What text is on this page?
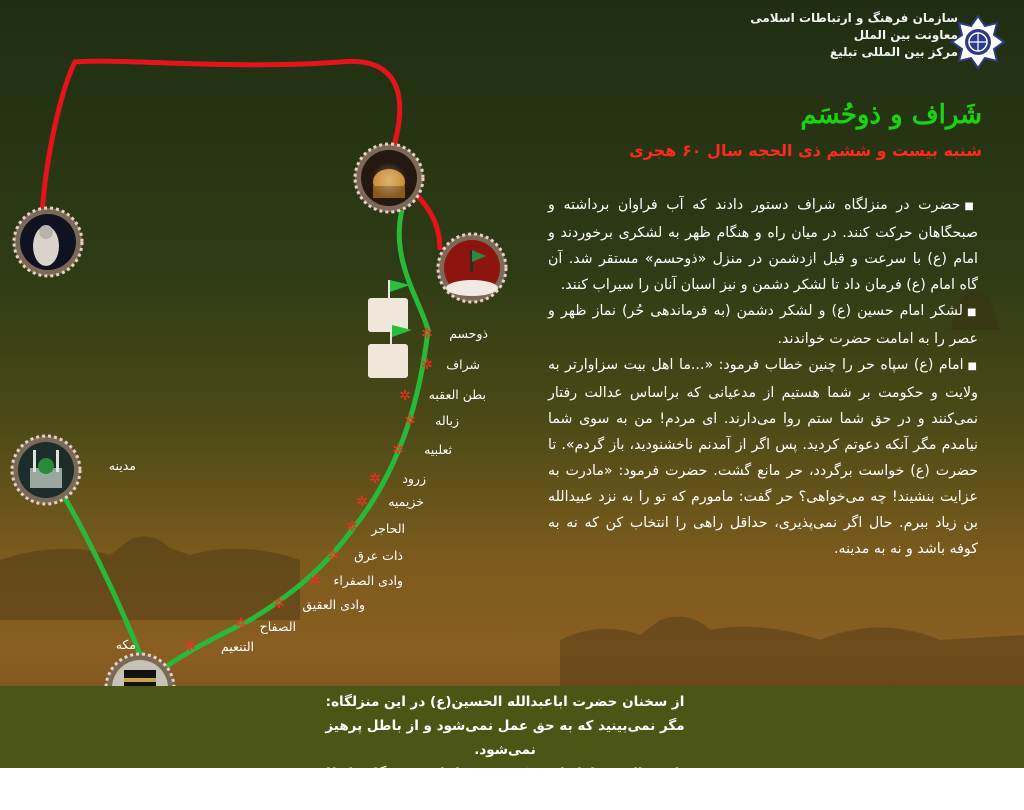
سازمان فرهنگ و ارتباطات اسلامی
معاونت بین الملل
مرکز بین المللی تبلیغ
شَراف و ذوحُسَم
شنبه بیست و ششم ذی الحجه سال ۶۰ هجری

■حضرت در منزلگاه شراف دستور دادند که آب فراوان برداشته و صبحگاهان حرکت کنند. در میان راه و هنگام ظهر به لشکری برخوردند و امام (ع) با سرعت و قبل ازدشمن در منزل «ذوحسم» مستقر شد. آن گاه امام (ع) فرمان داد تا لشکر دشمن و نیز اسبان آنان را سیراب کنند.

■لشکر امام حسین (ع) و لشکر دشمن (به فرماندهی حُر) نماز ظهر و عصر را به امامت حضرت خواندند.

■امام (ع) سپاه حر را چنین خطاب فرمود: «...ما اهل بیت سزاوارتر به ولایت و حکومت بر شما هستیم از مدعیانی که براساس عدالت رفتار نمی‌کنند و در حق شما ستم روا می‌دارند. ای مردم! من به سوی شما نیامدم مگر آنکه دعوتم کردید. پس اگر از آمدنم ناخشنودید، باز گردم». تا حضرت (ع) خواست برگردد، حر مانع گشت. حضرت فرمود: «مادرت به عزایت بنشیند! چه می‌خواهی؟ حر گفت: مامورم که تو را به نزد عبیدالله بن زیاد ببرم. حال اگر نمی‌پذیری، حداقل راهی را انتخاب کن که نه به کوفه باشد و نه به مدینه.

ذوحسم
✲
شراف
✲
بطن العقبه
✲
زباله
✲
ثعلبیه
✲
زرود
✲
خزیمیه
✲
الحاجر
✲
ذات عرق
✲
وادی الصفراء
✲
وادی العقیق
✲
الصفاح
✲
التنعیم
✲
مدینه
مکه
از سخنان حضرت اباعبدالله الحسین(ع) در این منزلگاه:
مگر نمی‌بینید که به حق عمل نمی‌شود و از باطل پرهیز نمی‌شود.
در این حال، سزاوار است که مومن، لقای پروردگار را طلب نماید.
